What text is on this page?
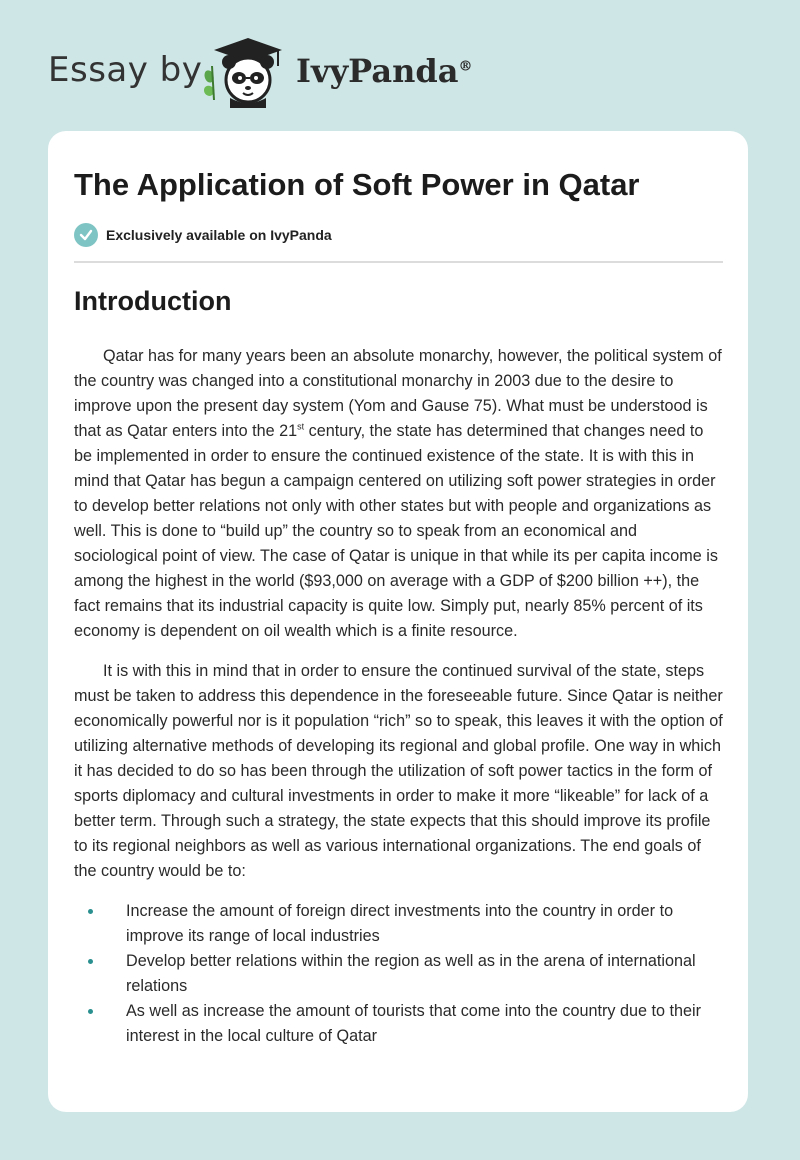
Essay by	IvyPanda®
The Application of Soft Power in Qatar
Exclusively available on IvyPanda
Introduction

Qatar has for many years been an absolute monarchy, however, the political system of the country was changed into a constitutional monarchy in 2003 due to the desire to improve upon the present day system (Yom and Gause 75). What must be understood is that as Qatar enters into the 21st century, the state has determined that changes need to be implemented in order to ensure the continued existence of the state. It is with this in mind that Qatar has begun a campaign centered on utilizing soft power strategies in order to develop better relations not only with other states but with people and organizations as well. This is done to “build up” the country so to speak from an economical and sociological point of view. The case of Qatar is unique in that while its per capita income is among the highest in the world ($93,000 on average with a GDP of $200 billion ++), the fact remains that its industrial capacity is quite low. Simply put, nearly 85% percent of its economy is dependent on oil wealth which is a finite resource.

It is with this in mind that in order to ensure the continued survival of the state, steps must be taken to address this dependence in the foreseeable future. Since Qatar is neither economically powerful nor is it population “rich” so to speak, this leaves it with the option of utilizing alternative methods of developing its regional and global profile. One way in which it has decided to do so has been through the utilization of soft power tactics in the form of sports diplomacy and cultural investments in order to make it more “likeable” for lack of a better term. Through such a strategy, the state expects that this should improve its profile to its regional neighbors as well as various international organizations. The end goals of the country would be to:

Increase the amount of foreign direct investments into the country in order to improve its range of local industries
Develop better relations within the region as well as in the arena of international relations
As well as increase the amount of tourists that come into the country due to their interest in the local culture of Qatar
